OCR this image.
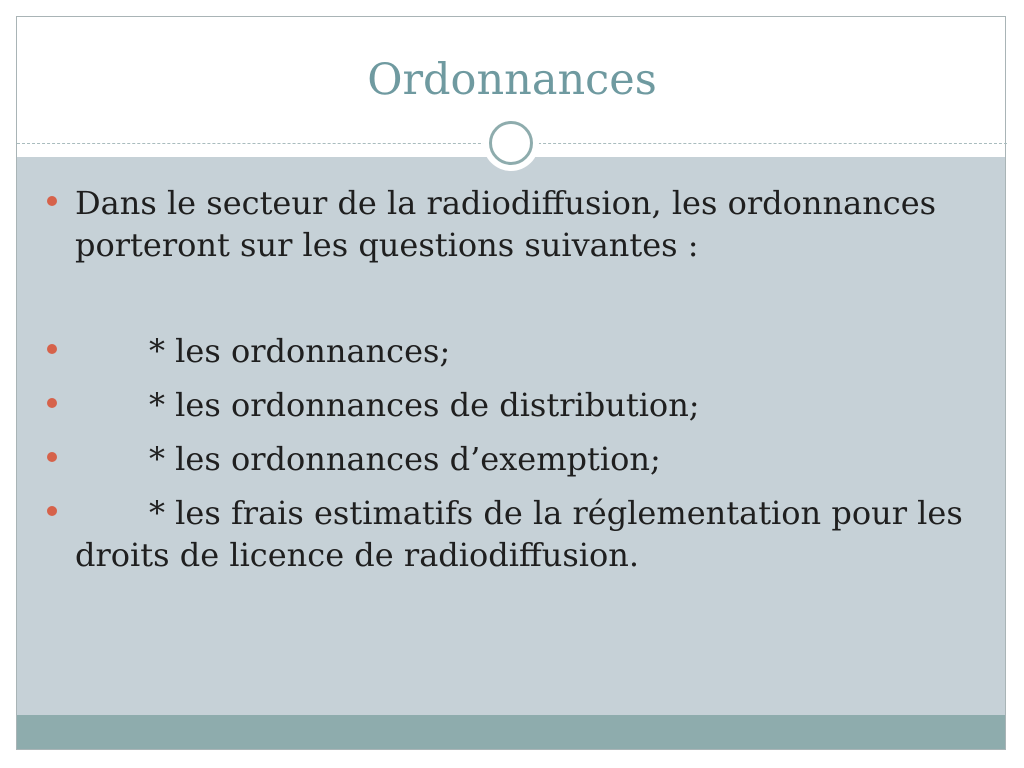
Ordonnances

Dans le secteur de la radiodiffusion, les ordonnances porteront sur les questions suivantes :

* les ordonnances;

* les ordonnances de distribution;

* les ordonnances d’exemption;

* les frais estimatifs de la réglementation pour les droits de licence de radiodiffusion.
